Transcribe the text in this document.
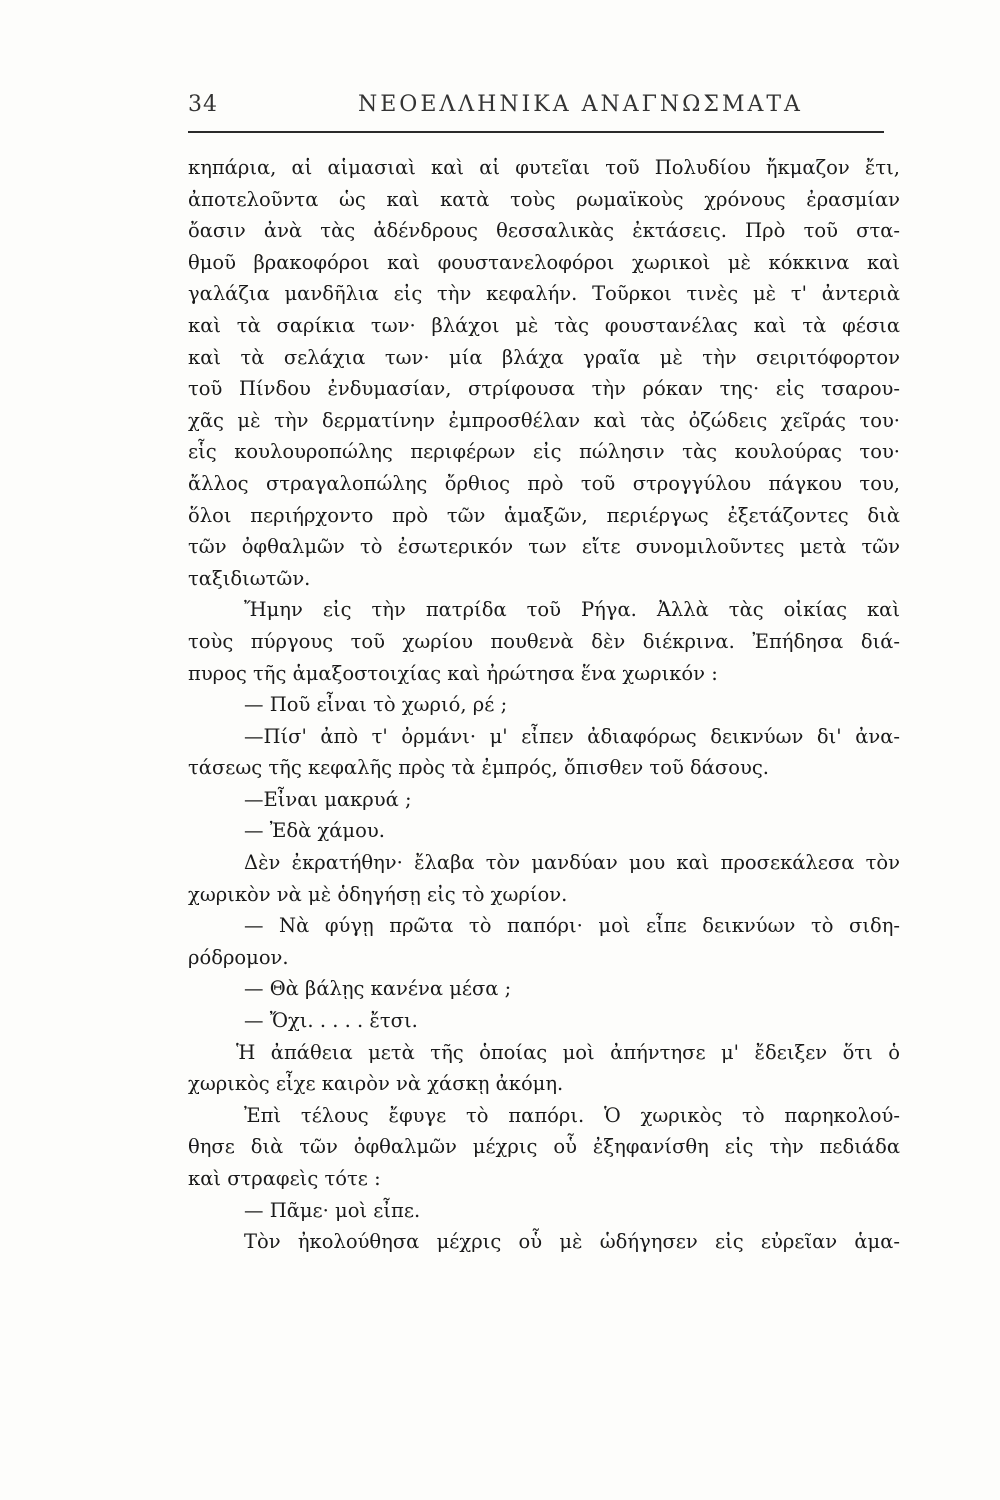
34	ΝΕΟΕΛΛΗΝΙΚΑ ΑΝΑΓΝΩΣΜΑΤΑ
κηπάρια, αἱ αἱμασιαὶ καὶ αἱ φυτεῖαι τοῦ Πολυδίου ἤκμαζον ἔτι,
ἀποτελοῦντα ὡς καὶ κατὰ τοὺς ρωμαϊκοὺς χρόνους ἐρασμίαν
ὄασιν ἀνὰ τὰς ἀδένδρους θεσσαλικὰς ἐκτάσεις. Πρὸ τοῦ στα-
θμοῦ βρακοφόροι καὶ φουστανελοφόροι χωρικοὶ μὲ κόκκινα καὶ
γαλάζια μανδῆλια εἰς τὴν κεφαλήν. Τοῦρκοι τινὲς μὲ τ' ἀντεριὰ
καὶ τὰ σαρίκια των· βλάχοι μὲ τὰς φουστανέλας καὶ τὰ φέσια
καὶ τὰ σελάχια των· μία βλάχα γραῖα μὲ τὴν σειριτόφορτον
τοῦ Πίνδου ἐνδυμασίαν, στρίφουσα τὴν ρόκαν της· εἰς τσαρου-
χᾶς μὲ τὴν δερματίνην ἐμπροσθέλαν καὶ τὰς ὀζώδεις χεῖράς του·
εἷς κουλουροπώλης περιφέρων εἰς πώλησιν τὰς κουλούρας του·
ἄλλος στραγαλοπώλης ὄρθιος πρὸ τοῦ στρογγύλου πάγκου του,
ὅλοι περιήρχοντο πρὸ τῶν ἁμαξῶν, περιέργως ἐξετάζοντες διὰ
τῶν ὀφθαλμῶν τὸ ἐσωτερικόν των εἴτε συνομιλοῦντες μετὰ τῶν
ταξιδιωτῶν.
Ἤμην εἰς τὴν πατρίδα τοῦ Ρήγα. Ἀλλὰ τὰς οἰκίας καὶ
τοὺς πύργους τοῦ χωρίου πουθενὰ δὲν διέκρινα. Ἐπήδησα διά-
πυρος τῆς ἁμαξοστοιχίας καὶ ἠρώτησα ἕνα χωρικόν :
— Ποῦ εἶναι τὸ χωριό, ρέ ;
—Πίσ' ἀπὸ τ' ὀρμάνι· μ' εἶπεν ἀδιαφόρως δεικνύων δι' ἀνα-
τάσεως τῆς κεφαλῆς πρὸς τὰ ἐμπρός, ὄπισθεν τοῦ δάσους.
—Εἶναι μακρυά ;
— Ἐδὰ χάμου.
Δὲν ἐκρατήθην· ἔλαβα τὸν μανδύαν μου καὶ προσεκάλεσα τὸν
χωρικὸν νὰ μὲ ὁδηγήσῃ εἰς τὸ χωρίον.
— Νὰ φύγῃ πρῶτα τὸ παπόρι· μοὶ εἶπε δεικνύων τὸ σιδη-
ρόδρομον.
— Θὰ βάλῃς κανένα μέσα ;
— Ὄχι. . . . . ἔτσι.
Ἡ ἀπάθεια μετὰ τῆς ὁποίας μοὶ ἀπήντησε μ' ἔδειξεν ὅτι ὁ
χωρικὸς εἶχε καιρὸν νὰ χάσκῃ ἀκόμη.
Ἐπὶ τέλους ἔφυγε τὸ παπόρι. Ὁ χωρικὸς τὸ παρηκολού-
θησε διὰ τῶν ὀφθαλμῶν μέχρις οὗ ἐξηφανίσθη εἰς τὴν πεδιάδα
καὶ στραφεὶς τότε :
— Πᾶμε· μοὶ εἶπε.
Τὸν ἠκολούθησα μέχρις οὗ μὲ ὡδήγησεν εἰς εὐρεῖαν ἁμα-
